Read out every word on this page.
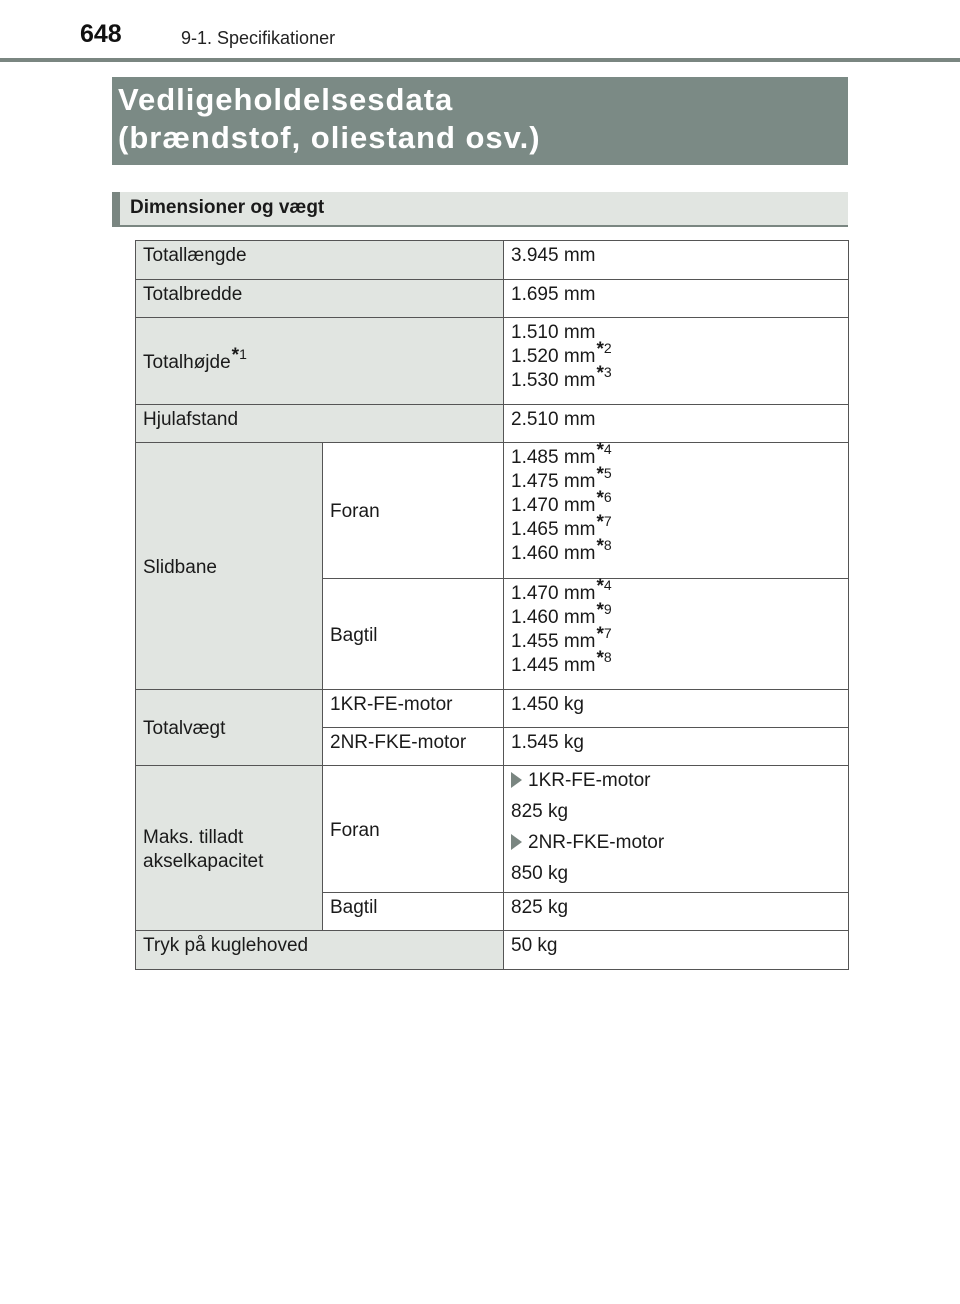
648	9-1. Specifikationer
Vedligeholdelsesdata
(brændstof, oliestand osv.)
Dimensioner og vægt
Totallængde		3.945 mm
Totalbredde		1.695 mm
Totalhøjde*$^1$		1.510 mm
1.520 mm*$^2$
1.530 mm*$^3$

Hjulafstand		2.510 mm
Slidbane	Foran	1.485 mm*$^4$
1.475 mm*$^5$
1.470 mm*$^6$
1.465 mm*$^7$
1.460 mm*$^8$

	Bagtil	1.470 mm*$^4$
1.460 mm*$^9$
1.455 mm*$^7$
1.445 mm*$^8$

Totalvægt	1KR-FE-motor	1.450 kg
	2NR-FKE-motor	1.545 kg
Maks. tilladt akselkapacitet	Foran	1KR-FE-motor
825 kg
2NR-FKE-motor
850 kg

	Bagtil	825 kg
Tryk på kuglehoved		50 kg
